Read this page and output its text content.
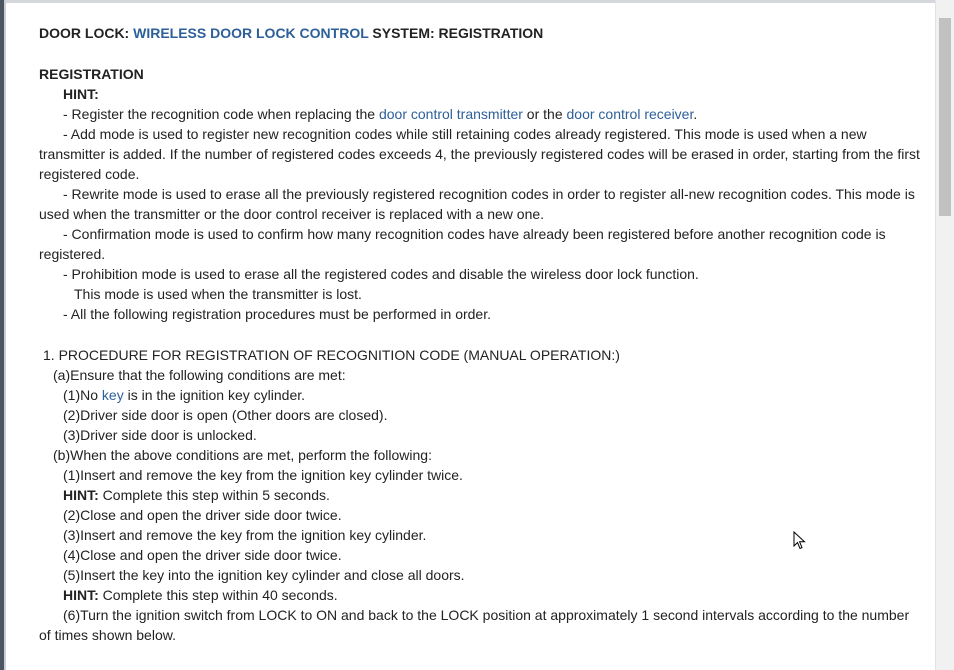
DOOR LOCK: WIRELESS DOOR LOCK CONTROL SYSTEM: REGISTRATION

REGISTRATION

HINT:

- Register the recognition code when replacing the door control transmitter or the door control receiver.

- Add mode is used to register new recognition codes while still retaining codes already registered. This mode is used when a new transmitter is added. If the number of registered codes exceeds 4, the previously registered codes will be erased in order, starting from the first registered code.

- Rewrite mode is used to erase all the previously registered recognition codes in order to register all-new recognition codes. This mode is used when the transmitter or the door control receiver is replaced with a new one.

- Confirmation mode is used to confirm how many recognition codes have already been registered before another recognition code is registered.

- Prohibition mode is used to erase all the registered codes and disable the wireless door lock function.

This mode is used when the transmitter is lost.

- All the following registration procedures must be performed in order.

1. PROCEDURE FOR REGISTRATION OF RECOGNITION CODE (MANUAL OPERATION:)

(a)Ensure that the following conditions are met:

(1)No key is in the ignition key cylinder.

(2)Driver side door is open (Other doors are closed).

(3)Driver side door is unlocked.

(b)When the above conditions are met, perform the following:

(1)Insert and remove the key from the ignition key cylinder twice.

HINT: Complete this step within 5 seconds.

(2)Close and open the driver side door twice.

(3)Insert and remove the key from the ignition key cylinder.

(4)Close and open the driver side door twice.

(5)Insert the key into the ignition key cylinder and close all doors.

HINT: Complete this step within 40 seconds.

(6)Turn the ignition switch from LOCK to ON and back to the LOCK position at approximately 1 second intervals according to the number of times shown below.
